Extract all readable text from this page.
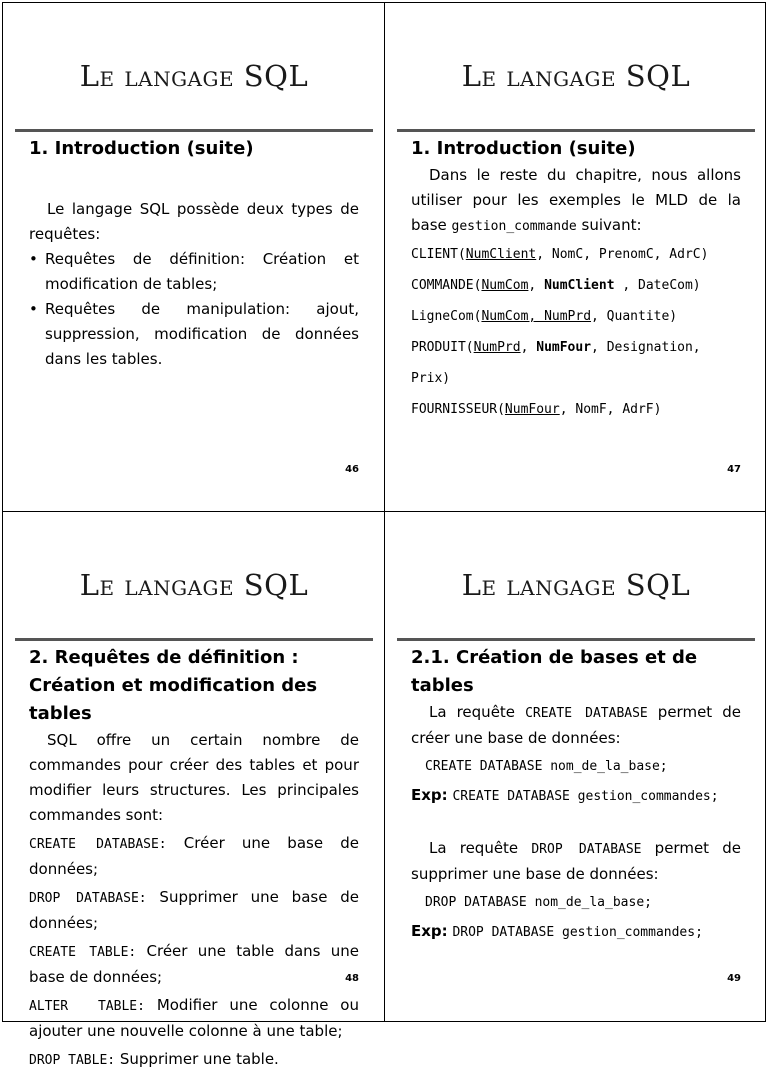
Le langage SQL
1. Introduction (suite)
Le langage SQL possède deux types de requêtes:
• Requêtes de définition: Création et modification de tables;
• Requêtes de manipulation: ajout, suppression, modification de données dans les tables.
46
Le langage SQL
1. Introduction (suite)
Dans le reste du chapitre, nous allons utiliser pour les exemples le MLD de la base gestion_commande suivant:
CLIENT(NumClient, NomC, PrenomC, AdrC)
COMMANDE(NumCom, NumClient , DateCom)
LigneCom(NumCom, NumPrd, Quantite)
PRODUIT(NumPrd, NumFour, Designation, Prix)
FOURNISSEUR(NumFour, NomF, AdrF)
47
Le langage SQL
2. Requêtes de définition : Création et modification des tables
SQL offre un certain nombre de commandes pour créer des tables et pour modifier leurs structures. Les principales commandes sont:
CREATE DATABASE: Créer une base de données;
DROP DATABASE: Supprimer une base de données;
CREATE TABLE: Créer une table dans une base de données;
ALTER  TABLE: Modifier une colonne ou ajouter une nouvelle colonne à une table;
DROP TABLE: Supprimer une table.
48
Le langage SQL
2.1. Création de bases et de tables
La requête CREATE DATABASE permet de créer une base de données:
CREATE DATABASE nom_de_la_base;
Exp: CREATE DATABASE gestion_commandes;
La requête DROP DATABASE permet de supprimer une base de données:
DROP DATABASE nom_de_la_base;
Exp: DROP DATABASE gestion_commandes;
49
